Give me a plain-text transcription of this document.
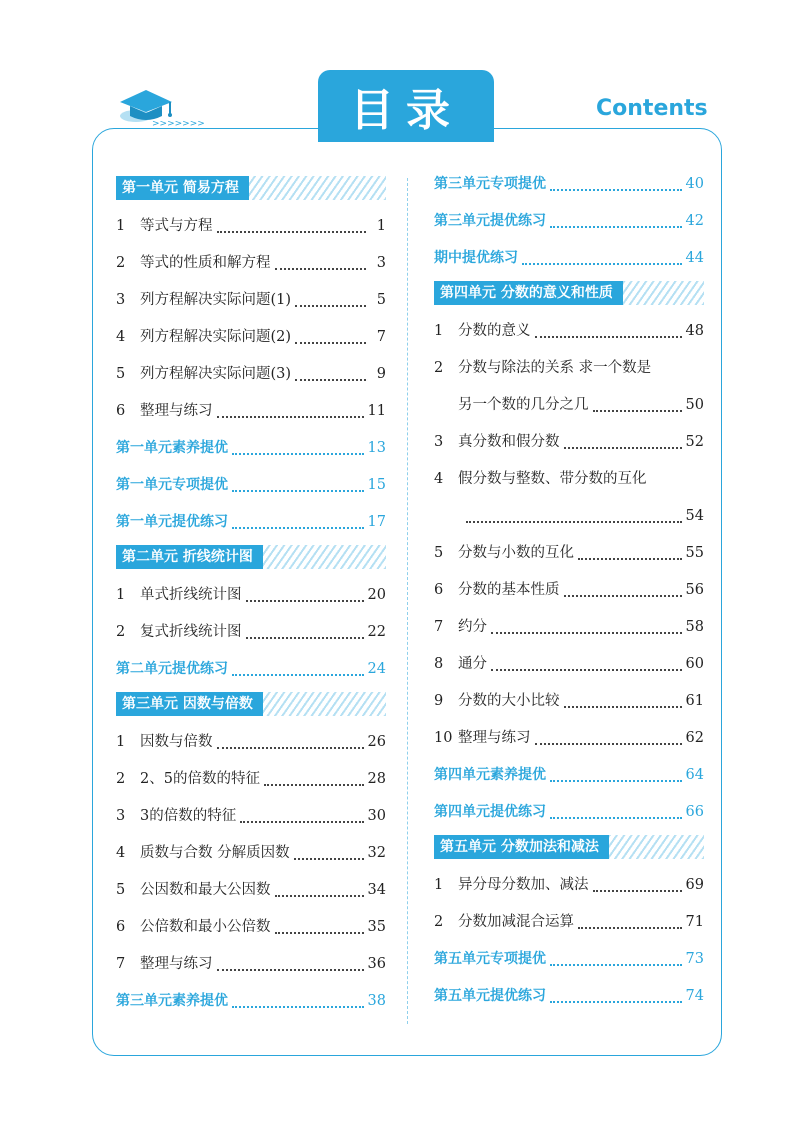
>>>>>>>	目录	Contents
第一单元 简易方程
1	等式与方程	1
2	等式的性质和解方程	3
3	列方程解决实际问题(1)	5
4	列方程解决实际问题(2)	7
5	列方程解决实际问题(3)	9
6	整理与练习	11
第一单元素养提优	13
第一单元专项提优	15
第一单元提优练习	17
第二单元 折线统计图
1	单式折线统计图	20
2	复式折线统计图	22
第二单元提优练习	24
第三单元 因数与倍数
1	因数与倍数	26
2	2、5的倍数的特征	28
3	3的倍数的特征	30
4	质数与合数 分解质因数	32
5	公因数和最大公因数	34
6	公倍数和最小公倍数	35
7	整理与练习	36
第三单元素养提优	38
第三单元专项提优	40
第三单元提优练习	42
期中提优练习	44
第四单元 分数的意义和性质
1	分数的意义	48
2	分数与除法的关系 求一个数是
另一个数的几分之几	50
3	真分数和假分数	52
4	假分数与整数、带分数的互化
54
5	分数与小数的互化	55
6	分数的基本性质	56
7	约分	58
8	通分	60
9	分数的大小比较	61
10 整理与练习	62
第四单元素养提优	64
第四单元提优练习	66
第五单元 分数加法和减法
1	异分母分数加、减法	69
2	分数加减混合运算	71
第五单元专项提优	73
第五单元提优练习	74
